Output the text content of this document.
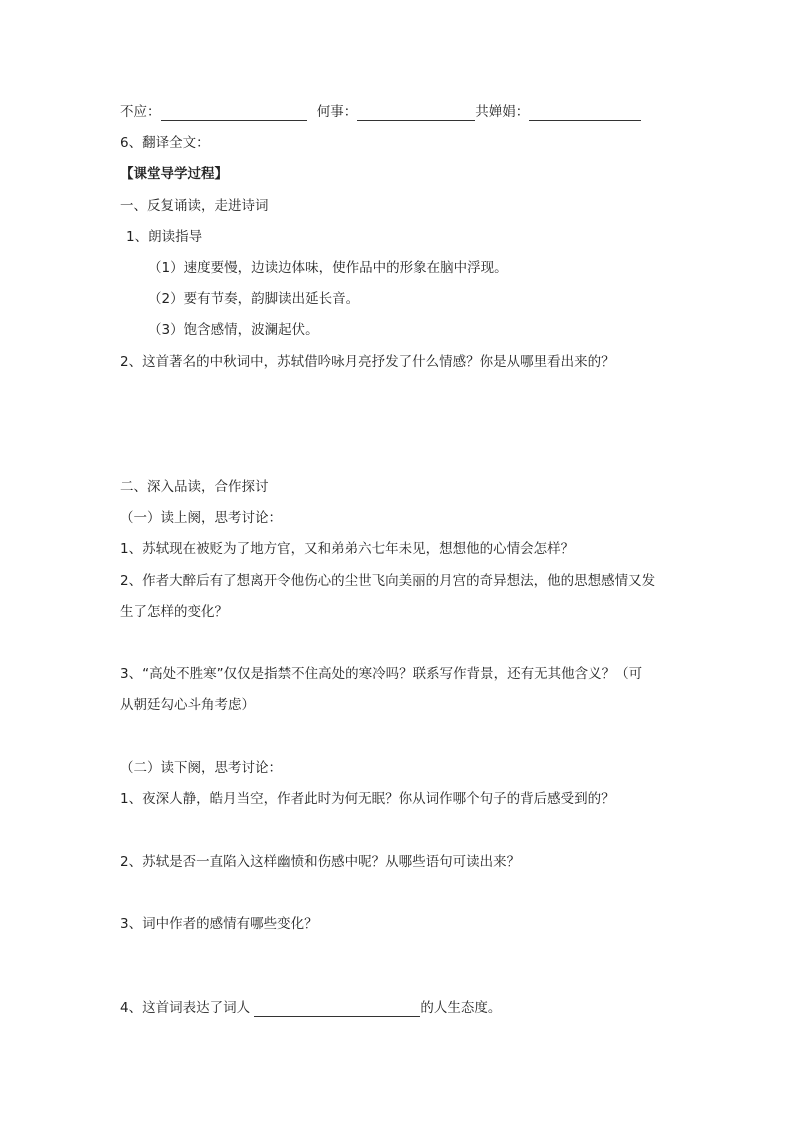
不应：	何事：	共婵娟：
6、翻译全文：
【课堂导学过程】
一、反复诵读，走进诗词
1、朗读指导
（1）速度要慢，边读边体味，使作品中的形象在脑中浮现。
（2）要有节奏，韵脚读出延长音。
（3）饱含感情，波澜起伏。
2、这首著名的中秋词中，苏轼借吟咏月亮抒发了什么情感？你是从哪里看出来的？
二、深入品读，合作探讨
（一）读上阕，思考讨论：
1、苏轼现在被贬为了地方官，又和弟弟六七年未见，想想他的心情会怎样？
2、作者大醉后有了想离开令他伤心的尘世飞向美丽的月宫的奇异想法，他的思想感情又发
生了怎样的变化？
3、“高处不胜寒”仅仅是指禁不住高处的寒冷吗？联系写作背景，还有无其他含义？（可
从朝廷勾心斗角考虑）
（二）读下阕，思考讨论：
1、夜深人静，皓月当空，作者此时为何无眠？你从词作哪个句子的背后感受到的？
2、苏轼是否一直陷入这样幽愤和伤感中呢？从哪些语句可读出来？
3、词中作者的感情有哪些变化？
4、这首词表达了词人	的人生态度。
